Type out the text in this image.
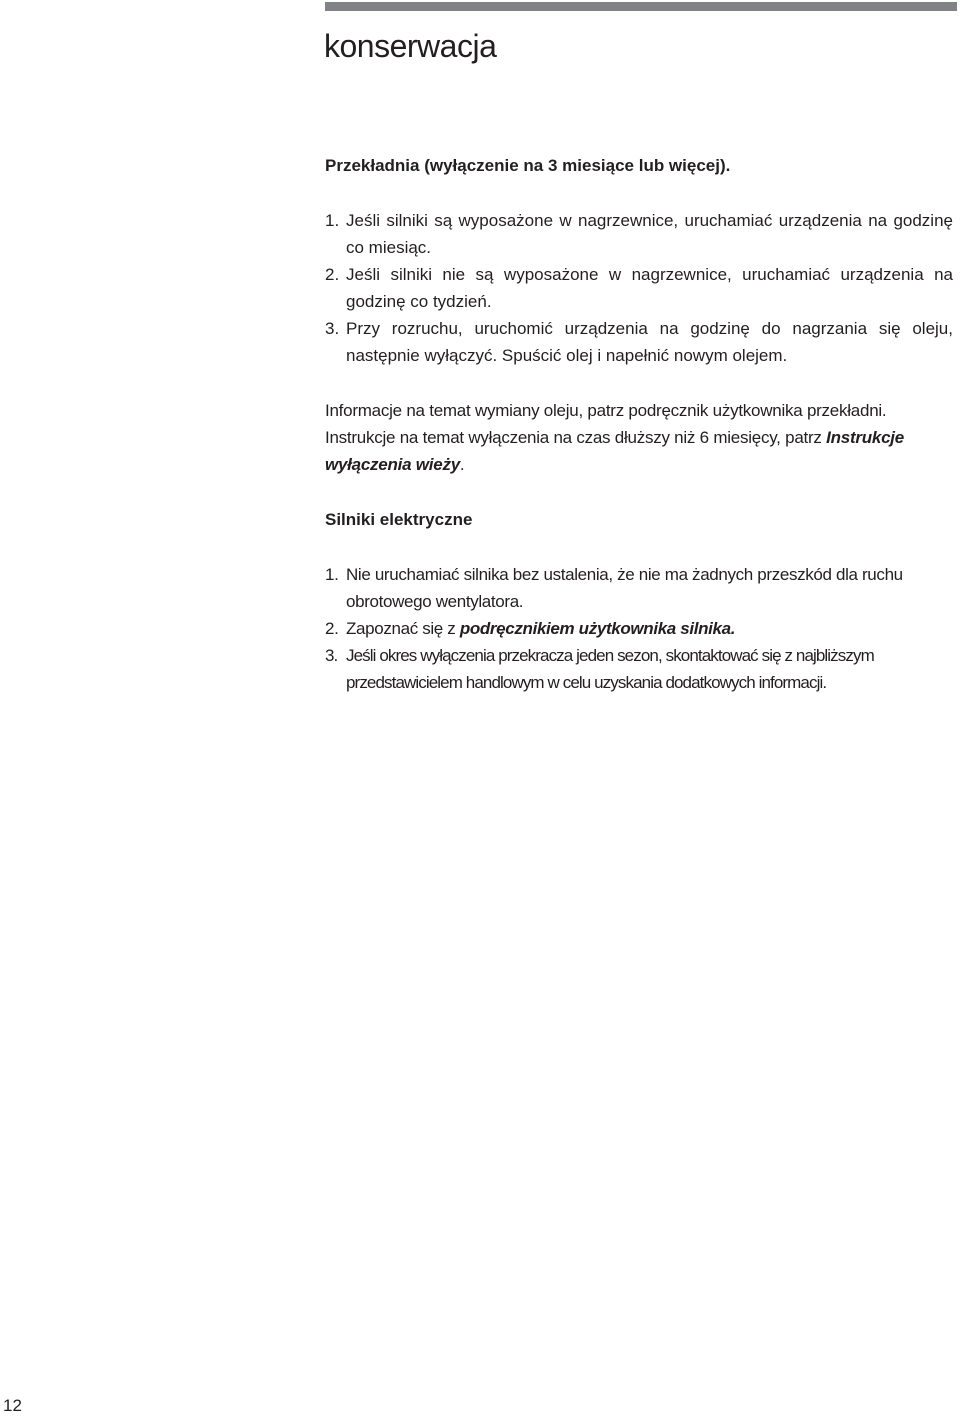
konserwacja
Przekładnia (wyłączenie na 3 miesiące lub więcej).
1. Jeśli silniki są wyposażone w nagrzewnice, uruchamiać urządzenia na godzinę co miesiąc.
2. Jeśli silniki nie są wyposażone w nagrzewnice, uruchamiać urządzenia na godzinę co tydzień.
3. Przy rozruchu, uruchomić urządzenia na godzinę do nagrzania się oleju, następnie wyłączyć. Spuścić olej i napełnić nowym olejem.

Informacje na temat wymiany oleju, patrz podręcznik użytkownika przekładni.

Instrukcje na temat wyłączenia na czas dłuższy niż 6 miesięcy, patrz Instrukcje wyłączenia wieży.

Silniki elektryczne
1. Nie uruchamiać silnika bez ustalenia, że nie ma żadnych przeszkód dla ruchu obrotowego wentylatora.
2. Zapoznać się z podręcznikiem użytkownika silnika.
3. Jeśli okres wyłączenia przekracza jeden sezon, skontaktować się z najbliższym przedstawicielem handlowym w celu uzyskania dodatkowych informacji.
12
